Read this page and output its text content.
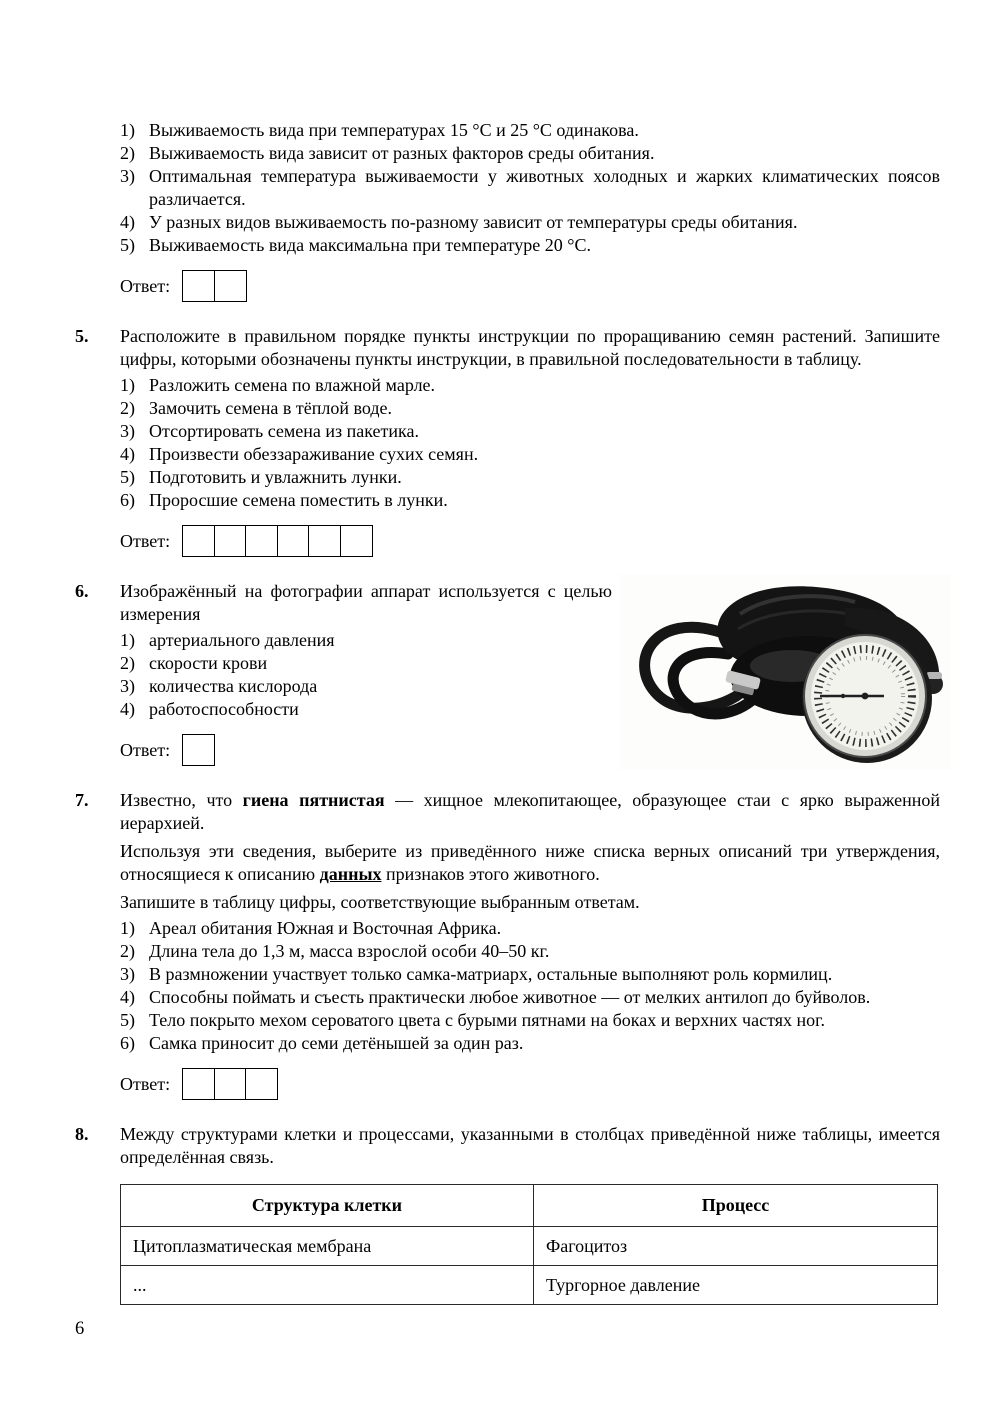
1) Выживаемость вида при температурах 15 °С и 25 °С одинакова.
2) Выживаемость вида зависит от разных факторов среды обитания.
3) Оптимальная температура выживаемости у животных холодных и жарких климатических поясов различается.
4) У разных видов выживаемость по-разному зависит от температуры среды обитания.
5) Выживаемость вида максимальна при температуре 20 °С.
Ответ:
5.	Расположите в правильном порядке пункты инструкции по проращиванию семян растений. Запишите цифры, которыми обозначены пункты инструкции, в правильной последовательности в таблицу.
1) Разложить семена по влажной марле.
2) Замочить семена в тёплой воде.
3) Отсортировать семена из пакетика.
4) Произвести обеззараживание сухих семян.
5) Подготовить и увлажнить лунки.
6) Проросшие семена поместить в лунки.
Ответ:
6.	Изображённый на фотографии аппарат используется с целью измерения
1) артериального давления
2) скорости крови
3) количества кислорода
4) работоспособности
Ответ:
7.	Известно, что гиена пятнистая — хищное млекопитающее, образующее стаи с ярко выраженной иерархией.
Используя эти сведения, выберите из приведённого ниже списка верных описаний три утверждения, относящиеся к описанию данных признаков этого животного.
Запишите в таблицу цифры, соответствующие выбранным ответам.
1) Ареал обитания Южная и Восточная Африка.
2) Длина тела до 1,3 м, масса взрослой особи 40–50 кг.
3) В размножении участвует только самка-матриарх, остальные выполняют роль кормилиц.
4) Способны поймать и съесть практически любое животное — от мелких антилоп до буйволов.
5) Тело покрыто мехом сероватого цвета с бурыми пятнами на боках и верхних частях ног.
6) Самка приносит до семи детёнышей за один раз.
Ответ:
8.	Между структурами клетки и процессами, указанными в столбцах приведённой ниже таблицы, имеется определённая связь.
Структура клетки	Процесс
Цитоплазматическая мембрана	Фагоцитоз
...	Тургорное давление
6
